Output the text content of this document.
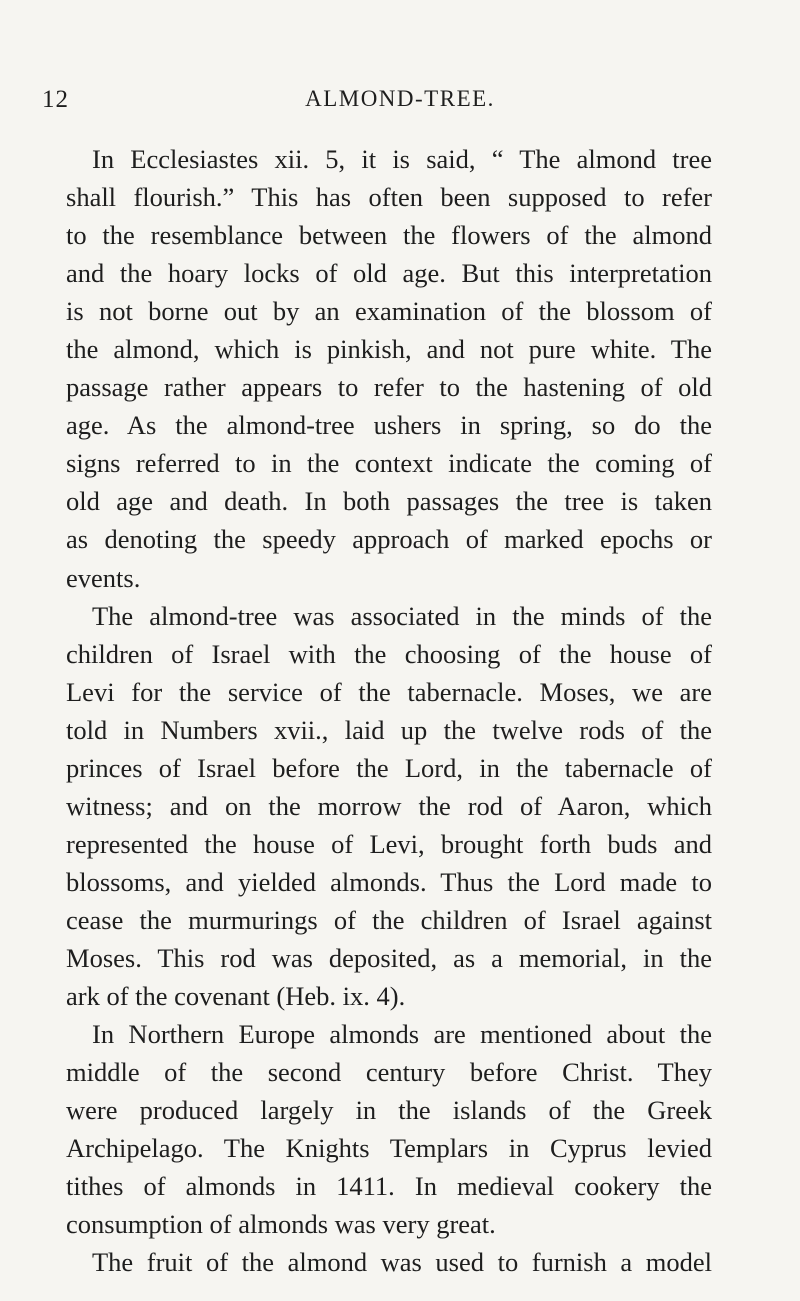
12	ALMOND-TREE.
In Ecclesiastes xii. 5, it is said, “ The almond tree
shall flourish.” This has often been supposed to refer
to the resemblance between the flowers of the almond
and the hoary locks of old age. But this interpretation
is not borne out by an examination of the blossom of
the almond, which is pinkish, and not pure white. The
passage rather appears to refer to the hastening of old
age. As the almond-tree ushers in spring, so do the
signs referred to in the context indicate the coming of
old age and death. In both passages the tree is taken
as denoting the speedy approach of marked epochs or
events.
The almond-tree was associated in the minds of the
children of Israel with the choosing of the house of
Levi for the service of the tabernacle. Moses, we are
told in Numbers xvii., laid up the twelve rods of the
princes of Israel before the Lord, in the tabernacle of
witness; and on the morrow the rod of Aaron, which
represented the house of Levi, brought forth buds and
blossoms, and yielded almonds. Thus the Lord made to
cease the murmurings of the children of Israel against
Moses. This rod was deposited, as a memorial, in the
ark of the covenant (Heb. ix. 4).
In Northern Europe almonds are mentioned about the
middle of the second century before Christ. They
were produced largely in the islands of the Greek
Archipelago. The Knights Templars in Cyprus levied
tithes of almonds in 1411. In medieval cookery the
consumption of almonds was very great.
The fruit of the almond was used to furnish a model
